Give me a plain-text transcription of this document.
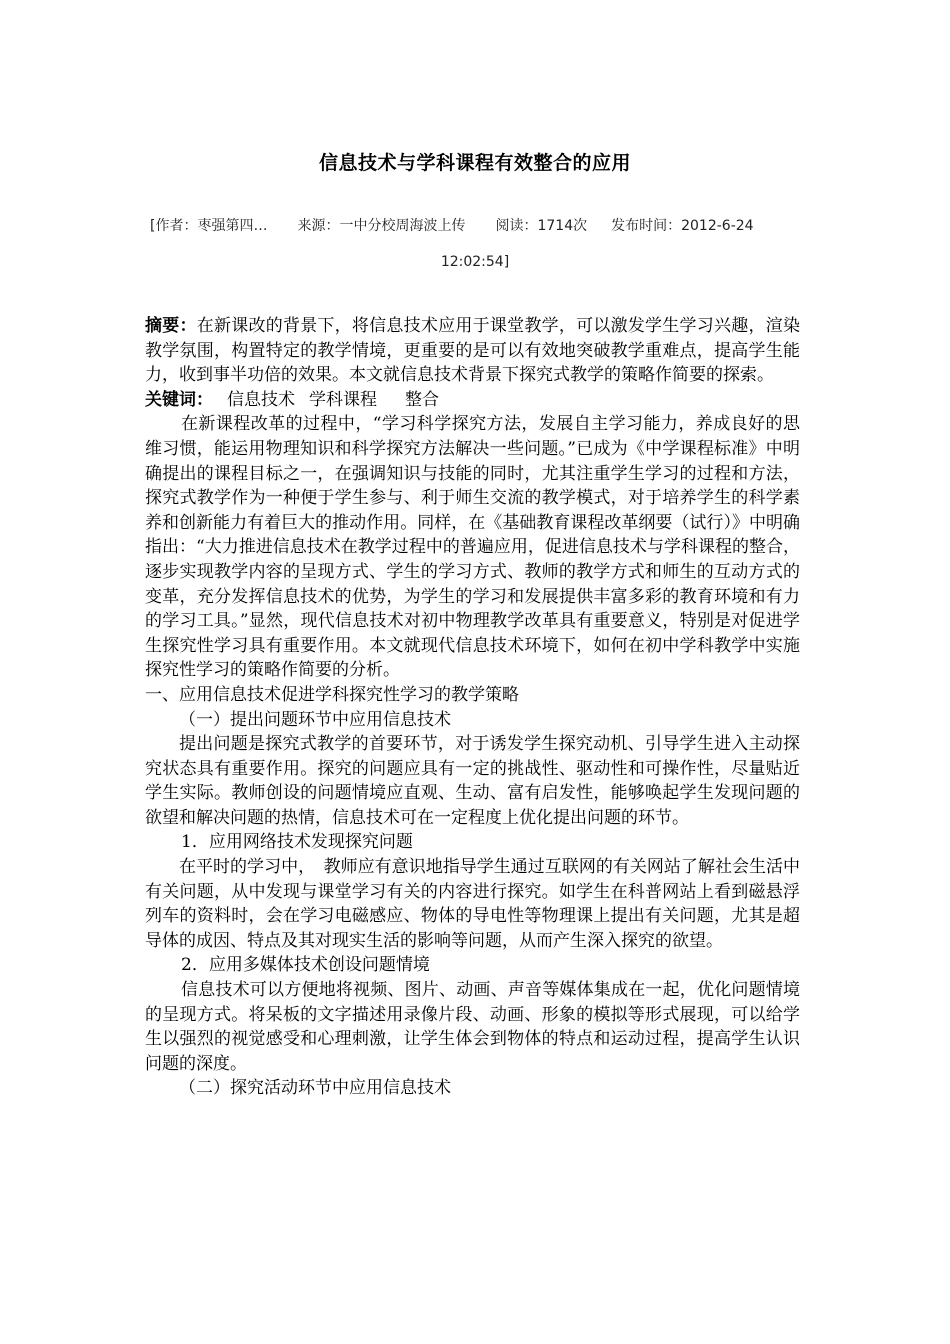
信息技术与学科课程有效整合的应用
[作者：枣强第四… 来源：一中分校周海波上传 阅读：1714次 发布时间：2012-6-24
12:02:54]

摘要：在新课改的背景下，将信息技术应用于课堂教学，可以激发学生学习兴趣，渲染教学氛围，构置特定的教学情境，更重要的是可以有效地突破教学重难点，提高学生能力，收到事半功倍的效果。本文就信息技术背景下探究式教学的策略作简要的探索。

关键词： 信息技术 学科课程 整合

在新课程改革的过程中，“学习科学探究方法，发展自主学习能力，养成良好的思维习惯，能运用物理知识和科学探究方法解决一些问题。”已成为《中学课程标准》中明确提出的课程目标之一，在强调知识与技能的同时，尤其注重学生学习的过程和方法，探究式教学作为一种便于学生参与、利于师生交流的教学模式，对于培养学生的科学素养和创新能力有着巨大的推动作用。同样，在《基础教育课程改革纲要（试行）》中明确指出：“大力推进信息技术在教学过程中的普遍应用，促进信息技术与学科课程的整合，逐步实现教学内容的呈现方式、学生的学习方式、教师的教学方式和师生的互动方式的变革，充分发挥信息技术的优势，为学生的学习和发展提供丰富多彩的教育环境和有力的学习工具。”显然，现代信息技术对初中物理教学改革具有重要意义，特别是对促进学生探究性学习具有重要作用。本文就现代信息技术环境下，如何在初中学科教学中实施探究性学习的策略作简要的分析。

一、应用信息技术促进学科探究性学习的教学策略

（一）提出问题环节中应用信息技术

提出问题是探究式教学的首要环节，对于诱发学生探究动机、引导学生进入主动探究状态具有重要作用。探究的问题应具有一定的挑战性、驱动性和可操作性，尽量贴近学生实际。教师创设的问题情境应直观、生动、富有启发性，能够唤起学生发现问题的欲望和解决问题的热情，信息技术可在一定程度上优化提出问题的环节。

1．应用网络技术发现探究问题

在平时的学习中，　教师应有意识地指导学生通过互联网的有关网站了解社会生活中有关问题，从中发现与课堂学习有关的内容进行探究。如学生在科普网站上看到磁悬浮列车的资料时，会在学习电磁感应、物体的导电性等物理课上提出有关问题，尤其是超导体的成因、特点及其对现实生活的影响等问题，从而产生深入探究的欲望。

2．应用多媒体技术创设问题情境

信息技术可以方便地将视频、图片、动画、声音等媒体集成在一起，优化问题情境的呈现方式。将呆板的文字描述用录像片段、动画、形象的模拟等形式展现，可以给学生以强烈的视觉感受和心理刺激，让学生体会到物体的特点和运动过程，提高学生认识问题的深度。

（二）探究活动环节中应用信息技术
